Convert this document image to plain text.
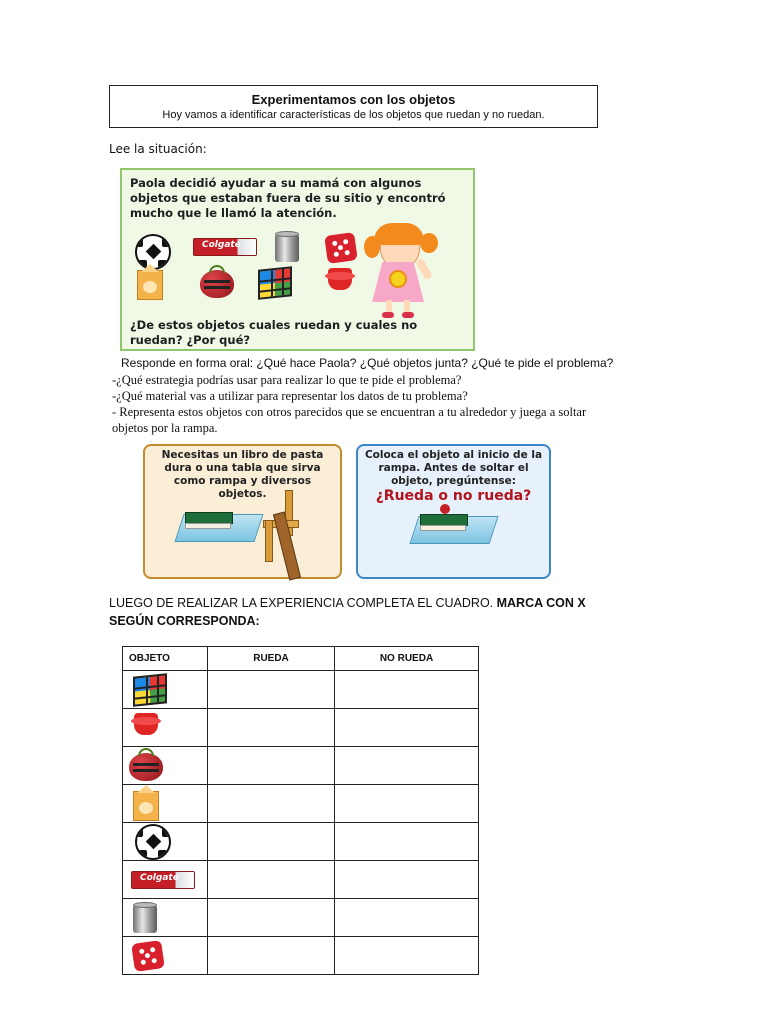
Experimentamos con los objetos
Hoy vamos a identificar características de los objetos que ruedan y no ruedan.
Lee la situación:
Paola decidió ayudar a su mamá con algunos objetos que estaban fuera de su sitio y encontró mucho que le llamó la atención.
¿De estos objetos cuales ruedan y cuales no ruedan? ¿Por qué?
Colgate
Responde en forma oral: ¿Qué hace Paola? ¿Qué objetos junta? ¿Qué te pide el problema?
-¿Qué estrategia podrías usar para realizar lo que te pide el problema?
-¿Qué material vas a utilizar para representar los datos de tu problema?
- Representa estos objetos con otros parecidos que se encuentran a tu alrededor y juega a soltar objetos por la rampa.
Necesitas un libro de pasta dura o una tabla que sirva como rampa y diversos objetos.
Coloca el objeto al inicio de la rampa. Antes de soltar el objeto, pregúntense:
¿Rueda o no rueda?
LUEGO DE REALIZAR LA EXPERIENCIA COMPLETA EL CUADRO. MARCA CON X SEGÚN CORRESPONDA:
OBJETO	RUEDA	NO RUEDA

Colgate
